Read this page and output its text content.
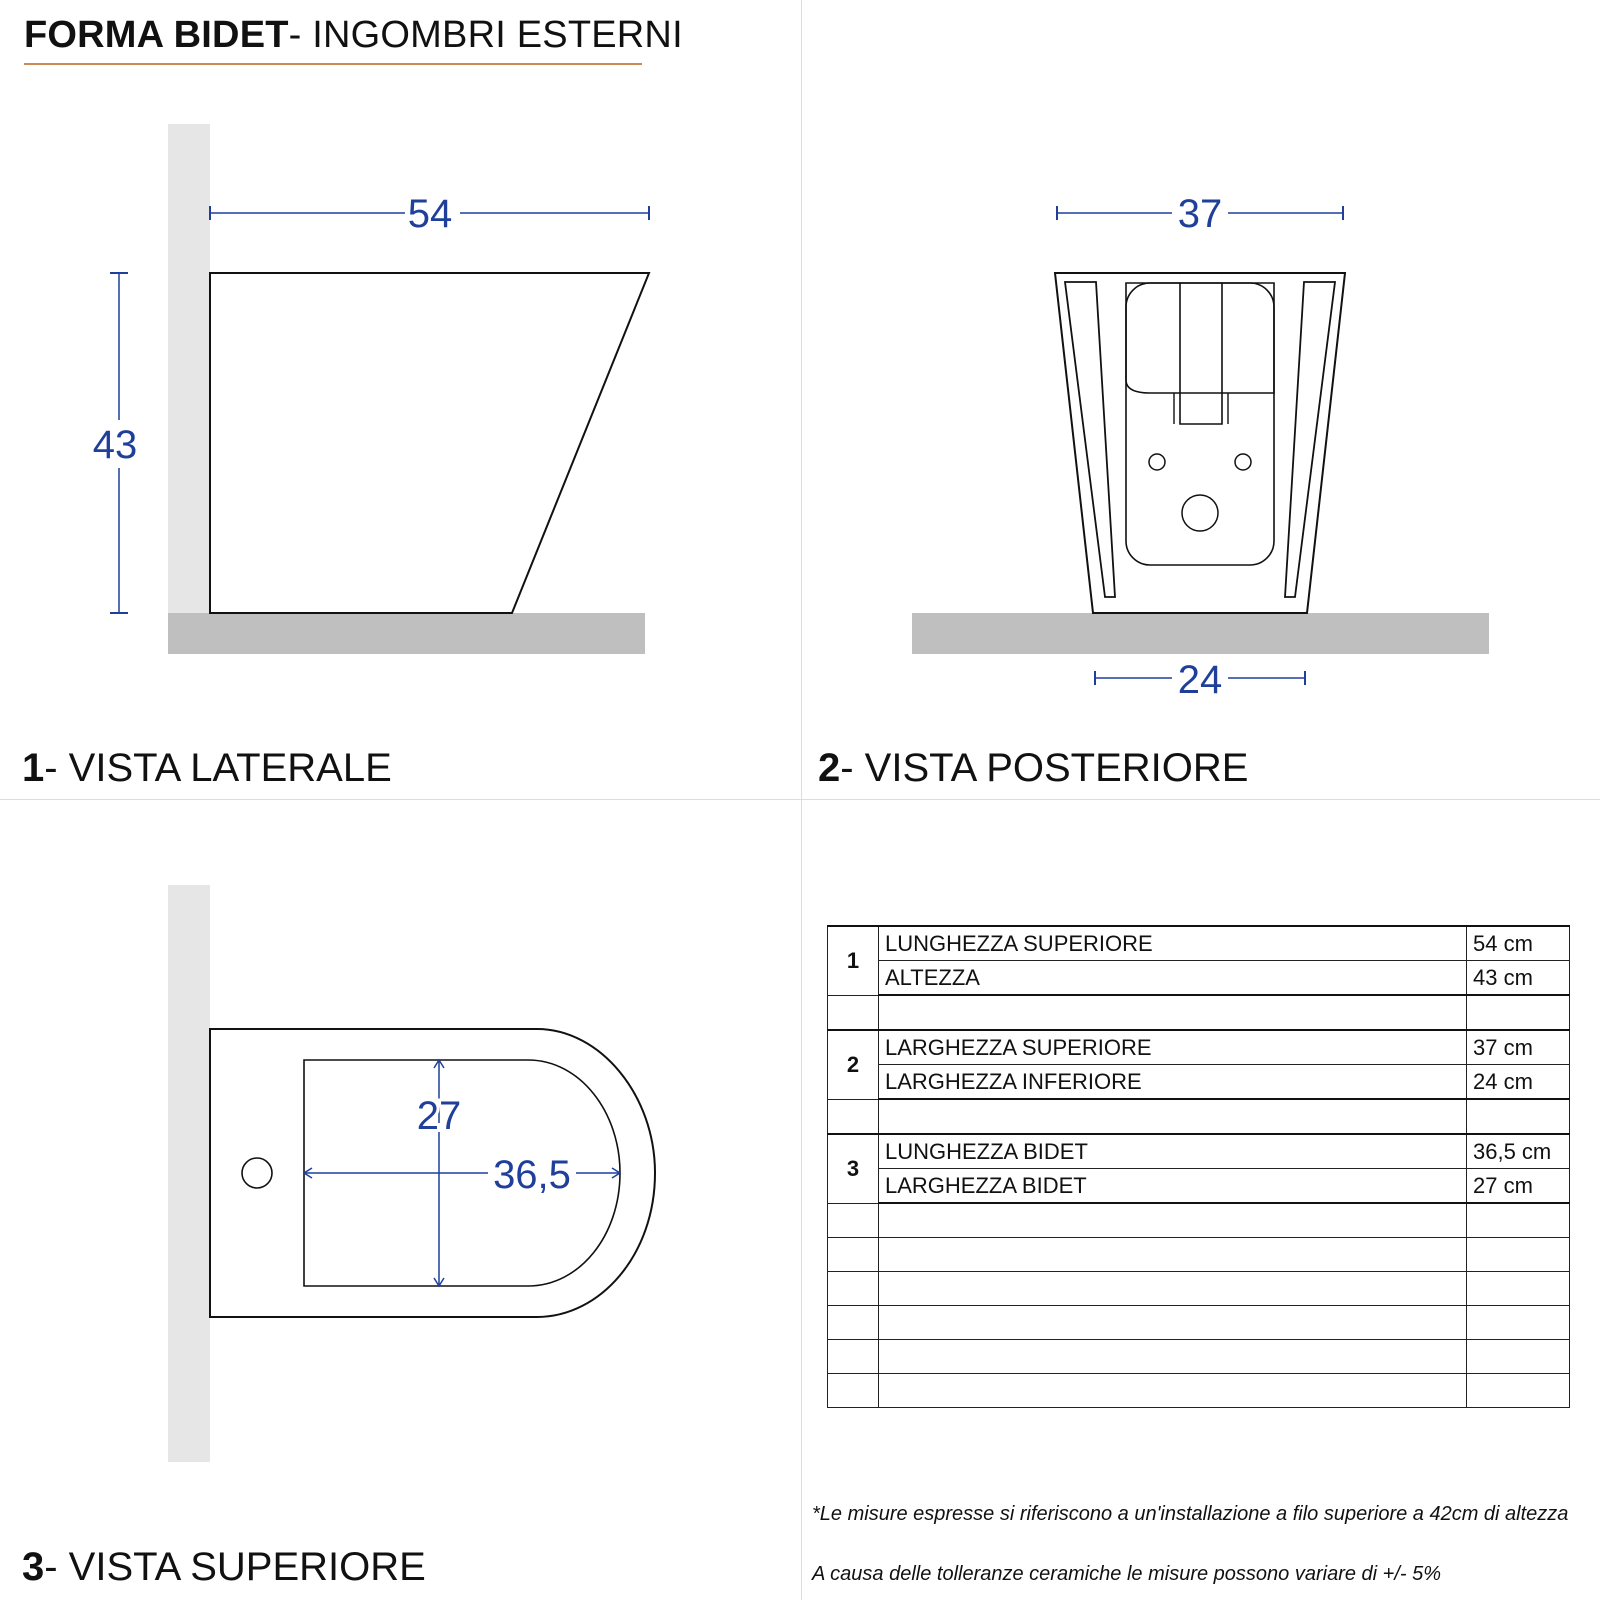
FORMA BIDET- INGOMBRI ESTERNI
54
43
37
24
27
36,5
1- VISTA LATERALE	2- VISTA POSTERIORE
3- VISTA SUPERIORE
1	LUNGHEZZA SUPERIORE	54 cm
	ALTEZZA	43 cm

2	LARGHEZZA SUPERIORE	37 cm
	LARGHEZZA INFERIORE	24 cm

3	LUNGHEZZA BIDET	36,5 cm
	LARGHEZZA BIDET	27 cm

*Le misure espresse si riferiscono a un'installazione a filo superiore a 42cm di altezza
A causa delle tolleranze ceramiche le misure possono variare di +/- 5%
